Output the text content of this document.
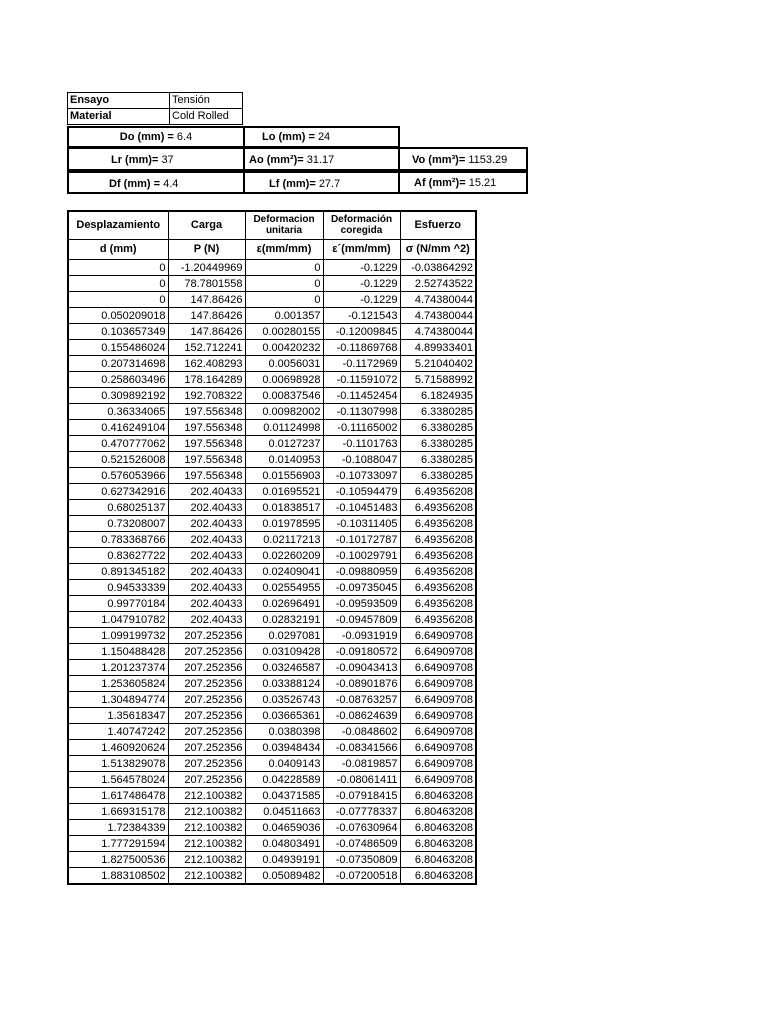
Ensayo	Tensión
Material	Cold Rolled
Do (mm) = 6.4	Lo (mm) = 24
Lr (mm)= 37	Ao (mm²)= 31.17	Vo (mm³)= 1153.29
Df (mm) = 4.4	Lf (mm)= 27.7	Af (mm²)= 15.21
Desplazamiento	Carga	Deformacion unitaria	Deformación coregida	Esfuerzo
d (mm)	P (N)	ε(mm/mm)	ε´(mm/mm)	σ (N/mm ^2)
0	-1.20449969	0	-0.1229	-0.03864292
0	78.7801558	0	-0.1229	2.52743522
0	147.86426	0	-0.1229	4.74380044
0.050209018	147.86426	0.001357	-0.121543	4.74380044
0.103657349	147.86426	0.00280155	-0.12009845	4.74380044
0.155486024	152.712241	0.00420232	-0.11869768	4.89933401
0.207314698	162.408293	0.0056031	-0.1172969	5.21040402
0.258603496	178.164289	0.00698928	-0.11591072	5.71588992
0.309892192	192.708322	0.00837546	-0.11452454	6.1824935
0.36334065	197.556348	0.00982002	-0.11307998	6.3380285
0.416249104	197.556348	0.01124998	-0.11165002	6.3380285
0.470777062	197.556348	0.0127237	-0.1101763	6.3380285
0.521526008	197.556348	0.0140953	-0.1088047	6.3380285
0.576053966	197.556348	0.01556903	-0.10733097	6.3380285
0.627342916	202.40433	0.01695521	-0.10594479	6.49356208
0.68025137	202.40433	0.01838517	-0.10451483	6.49356208
0.73208007	202.40433	0.01978595	-0.10311405	6.49356208
0.783368766	202.40433	0.02117213	-0.10172787	6.49356208
0.83627722	202.40433	0.02260209	-0.10029791	6.49356208
0.891345182	202.40433	0.02409041	-0.09880959	6.49356208
0.94533339	202.40433	0.02554955	-0.09735045	6.49356208
0.99770184	202.40433	0.02696491	-0.09593509	6.49356208
1.047910782	202.40433	0.02832191	-0.09457809	6.49356208
1.099199732	207.252356	0.0297081	-0.0931919	6.64909708
1.150488428	207.252356	0.03109428	-0.09180572	6.64909708
1.201237374	207.252356	0.03246587	-0.09043413	6.64909708
1.253605824	207.252356	0.03388124	-0.08901876	6.64909708
1.304894774	207.252356	0.03526743	-0.08763257	6.64909708
1.35618347	207.252356	0.03665361	-0.08624639	6.64909708
1.40747242	207.252356	0.0380398	-0.0848602	6.64909708
1.460920624	207.252356	0.03948434	-0.08341566	6.64909708
1.513829078	207.252356	0.0409143	-0.0819857	6.64909708
1.564578024	207.252356	0.04228589	-0.08061411	6.64909708
1.617486478	212.100382	0.04371585	-0.07918415	6.80463208
1.669315178	212.100382	0.04511663	-0.07778337	6.80463208
1.72384339	212.100382	0.04659036	-0.07630964	6.80463208
1.777291594	212.100382	0.04803491	-0.07486509	6.80463208
1.827500536	212.100382	0.04939191	-0.07350809	6.80463208
1.883108502	212.100382	0.05089482	-0.07200518	6.80463208
